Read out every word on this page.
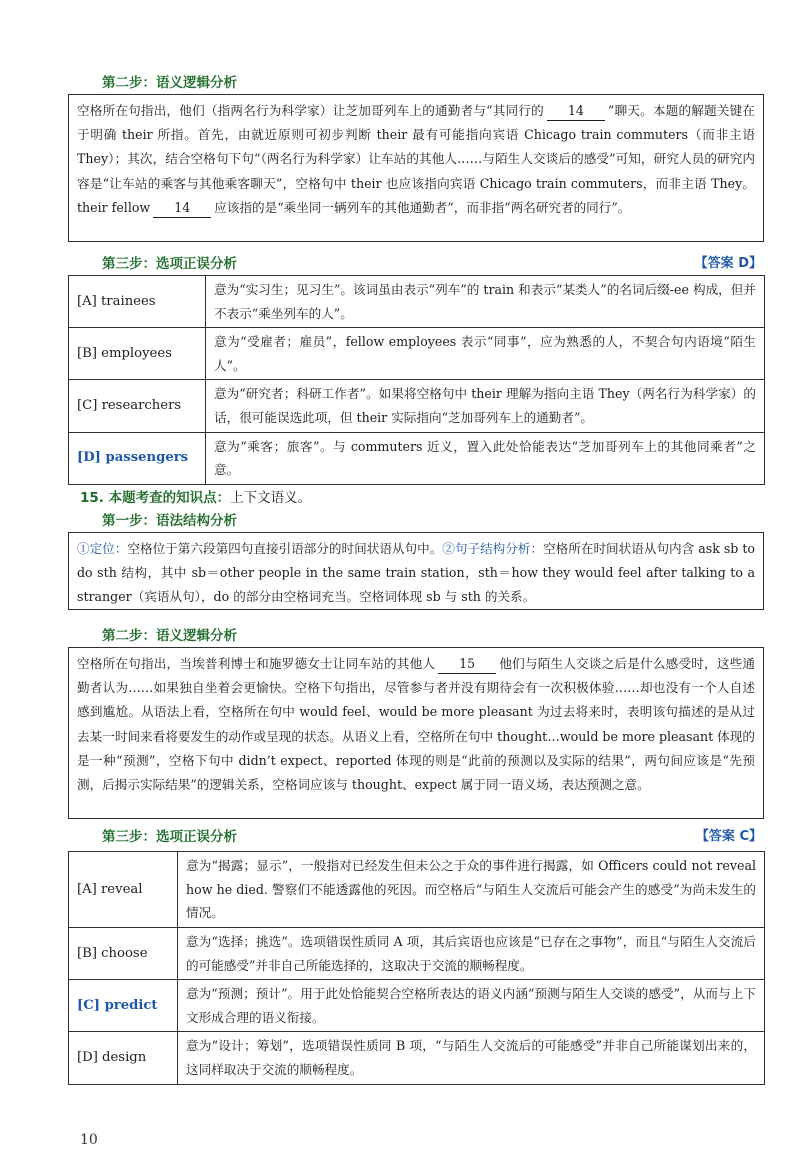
第二步：语义逻辑分析

空格所在句指出，他们（指两名行为科学家）让芝加哥列车上的通勤者与“其同行的 14 ”聊天。本题的解题关键在于明确 their 所指。首先，由就近原则可初步判断 their 最有可能指向宾语 Chicago train commuters（而非主语 They）；其次，结合空格句下句“（两名行为科学家）让车站的其他人……与陌生人交谈后的感受”可知，研究人员的研究内容是“让车站的乘客与其他乘客聊天”，空格句中 their 也应该指向宾语 Chicago train commuters，而非主语 They。their fellow 14 应该指的是“乘坐同一辆列车的其他通勤者”，而非指“两名研究者的同行”。

第三步：选项正误分析	【答案 D】
[A] trainees	意为“实习生；见习生”。该词虽由表示“列车”的 train 和表示“某类人”的名词后缀-ee 构成，但并不表示“乘坐列车的人”。
[B] employees	意为“受雇者；雇员”，fellow employees 表示“同事”，应为熟悉的人，不契合句内语境“陌生人”。
[C] researchers	意为“研究者；科研工作者”。如果将空格句中 their 理解为指向主语 They（两名行为科学家）的话，很可能误选此项，但 their 实际指向“芝加哥列车上的通勤者”。
[D] passengers	意为“乘客；旅客”。与 commuters 近义，置入此处恰能表达“芝加哥列车上的其他同乘者”之意。
15. 本题考查的知识点：上下文语义。
第一步：语法结构分析

①定位：空格位于第六段第四句直接引语部分的时间状语从句中。②句子结构分析：空格所在时间状语从句内含 ask sb to do sth 结构，其中 sb＝other people in the same train station，sth＝how they would feel after talking to a stranger（宾语从句），do 的部分由空格词充当。空格词体现 sb 与 sth 的关系。

第二步：语义逻辑分析

空格所在句指出，当埃普利博士和施罗德女士让同车站的其他人 15 他们与陌生人交谈之后是什么感受时，这些通勤者认为……如果独自坐着会更愉快。空格下句指出，尽管参与者并没有期待会有一次积极体验……却也没有一个人自述感到尴尬。从语法上看，空格所在句中 would feel、would be more pleasant 为过去将来时，表明该句描述的是从过去某一时间来看将要发生的动作或呈现的状态。从语义上看，空格所在句中 thought…would be more pleasant 体现的是一种“预测”，空格下句中 didn’t expect、reported 体现的则是“此前的预测以及实际的结果”，两句间应该是“先预测，后揭示实际结果”的逻辑关系，空格词应该与 thought、expect 属于同一语义场，表达预测之意。

第三步：选项正误分析	【答案 C】
[A] reveal	意为“揭露；显示”，一般指对已经发生但未公之于众的事件进行揭露，如 Officers could not reveal how he died. 警察们不能透露他的死因。而空格后“与陌生人交流后可能会产生的感受”为尚未发生的情况。
[B] choose	意为“选择；挑选”。选项错误性质同 A 项，其后宾语也应该是“已存在之事物”，而且“与陌生人交流后的可能感受”并非自己所能选择的，这取决于交流的顺畅程度。
[C] predict	意为“预测；预计”。用于此处恰能契合空格所表达的语义内涵“预测与陌生人交谈的感受”，从而与上下文形成合理的语义衔接。
[D] design	意为“设计；筹划”，选项错误性质同 B 项，“与陌生人交流后的可能感受”并非自己所能谋划出来的，这同样取决于交流的顺畅程度。
10
